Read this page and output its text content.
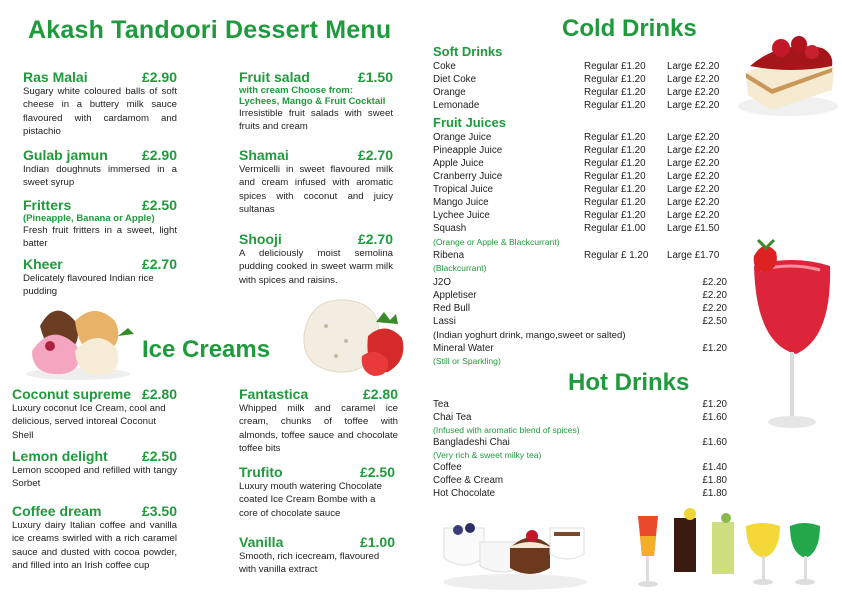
Akash Tandoori Dessert Menu
Ras Malai	£2.90
Sugary white coloured balls of soft cheese in a buttery milk sauce flavoured with cardamom and pistachio
Gulab jamun £2.90
Indian doughnuts immersed in a sweet syrup
Fritters	£2.50
(Pineapple, Banana or Apple)
Fresh fruit fritters in a sweet, light batter
Kheer	£2.70
Delicately flavoured Indian rice pudding
Fruit salad	£1.50
with cream Choose from: Lychees, Mango & Fruit Cocktail
Irresistible fruit salads with sweet fruits and cream
Shamai	£2.70
Vermicelli in sweet flavoured milk and cream infused with aromatic spices with coconut and juicy sultanas
Shooji	£2.70
A deliciously moist semolina pudding cooked in sweet warm milk with spices and raisins.
Ice Creams
Coconut supreme £2.80
Luxury coconut Ice Cream, cool and delicious, served intoreal Coconut Shell
Lemon delight £2.50
Lemon scooped and refilled with tangy Sorbet
Coffee dream	£3.50
Luxury dairy Italian coffee and vanilla ice creams swirled with a rich caramel sauce and dusted with cocoa powder, and filled into an Irish coffee cup
Fantastica	£2.80
Whipped milk and caramel ice cream, chunks of toffee with almonds, toffee sauce and chocolate toffee bits
Trufito	£2.50
Luxury mouth watering Chocolate coated Ice Cream Bombe with a core of chocolate sauce
Vanilla	£1.00
Smooth, rich icecream, flavoured with vanilla extract
Cold Drinks
Soft Drinks
Coke	Regular £1.20 Large £2.20
Diet Coke	Regular £1.20 Large £2.20
Orange	Regular £1.20 Large £2.20
Lemonade	Regular £1.20 Large £2.20
Fruit Juices
Orange Juice	Regular £1.20 Large £2.20
Pineapple Juice	Regular £1.20 Large £2.20
Apple Juice	Regular £1.20 Large £2.20
Cranberry Juice	Regular £1.20 Large £2.20
Tropical Juice	Regular £1.20 Large £2.20
Mango Juice	Regular £1.20 Large £2.20
Lychee Juice	Regular £1.20 Large £2.20
Squash	Regular £1.00 Large £1.50
(Orange or Apple & Blackcurrant)
Ribena	Regular £ 1.20 Large £1.70
(Blackcurrant)
J2O	£2.20
Appletiser	£2.20
Red Bull	£2.20
Lassi	£2.50
(Indian yoghurt drink, mango,sweet or salted)
Mineral Water	£1.20
(Still or Sparkling)
Hot Drinks
Tea	£1.20
Chai Tea	£1.60
(Infused with aromatic blend of spices)
Bangladeshi Chai	£1.60
(Very rich & sweet milky tea)
Coffee	£1.40
Coffee & Cream	£1.80
Hot Chocolate	£1.80
